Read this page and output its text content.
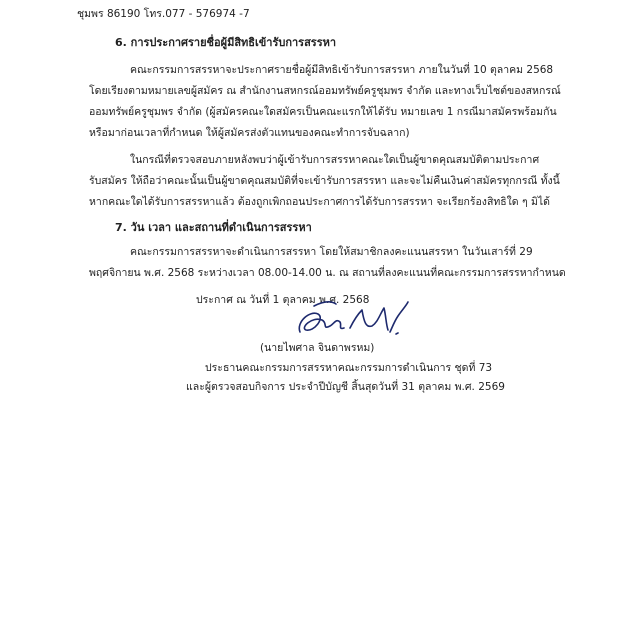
ชุมพร 86190 โทร.077 - 576974 -7
6. การประกาศรายชื่อผู้มีสิทธิเข้ารับการสรรหา
คณะกรรมการสรรหาจะประกาศรายชื่อผู้มีสิทธิเข้ารับการสรรหา ภายในวันที่ 10 ตุลาคม 2568
โดยเรียงตามหมายเลขผู้สมัคร ณ สำนักงานสหกรณ์ออมทรัพย์ครูชุมพร จำกัด และทางเว็บไซต์ของสหกรณ์
ออมทรัพย์ครูชุมพร จำกัด (ผู้สมัครคณะใดสมัครเป็นคณะแรกให้ได้รับ หมายเลข 1 กรณีมาสมัครพร้อมกัน
หรือมาก่อนเวลาที่กำหนด ให้ผู้สมัครส่งตัวแทนของคณะทำการจับฉลาก)
ในกรณีที่ตรวจสอบภายหลังพบว่าผู้เข้ารับการสรรหาคณะใดเป็นผู้ขาดคุณสมบัติตามประกาศ
รับสมัคร ให้ถือว่าคณะนั้นเป็นผู้ขาดคุณสมบัติที่จะเข้ารับการสรรหา และจะไม่คืนเงินค่าสมัครทุกกรณี ทั้งนี้
หากคณะใดได้รับการสรรหาแล้ว ต้องถูกเพิกถอนประกาศการได้รับการสรรหา จะเรียกร้องสิทธิใด ๆ มิได้
7. วัน เวลา และสถานที่ดำเนินการสรรหา
คณะกรรมการสรรหาจะดำเนินการสรรหา โดยให้สมาชิกลงคะแนนสรรหา ในวันเสาร์ที่ 29
พฤศจิกายน พ.ศ. 2568 ระหว่างเวลา 08.00-14.00 น. ณ สถานที่ลงคะแนนที่คณะกรรมการสรรหากำหนด
ประกาศ ณ วันที่ 1 ตุลาคม พ.ศ. 2568
(นายไพศาล จินดาพรหม)
ประธานคณะกรรมการสรรหาคณะกรรมการดำเนินการ ชุดที่ 73
และผู้ตรวจสอบกิจการ ประจำปีบัญชี สิ้นสุดวันที่ 31 ตุลาคม พ.ศ. 2569
